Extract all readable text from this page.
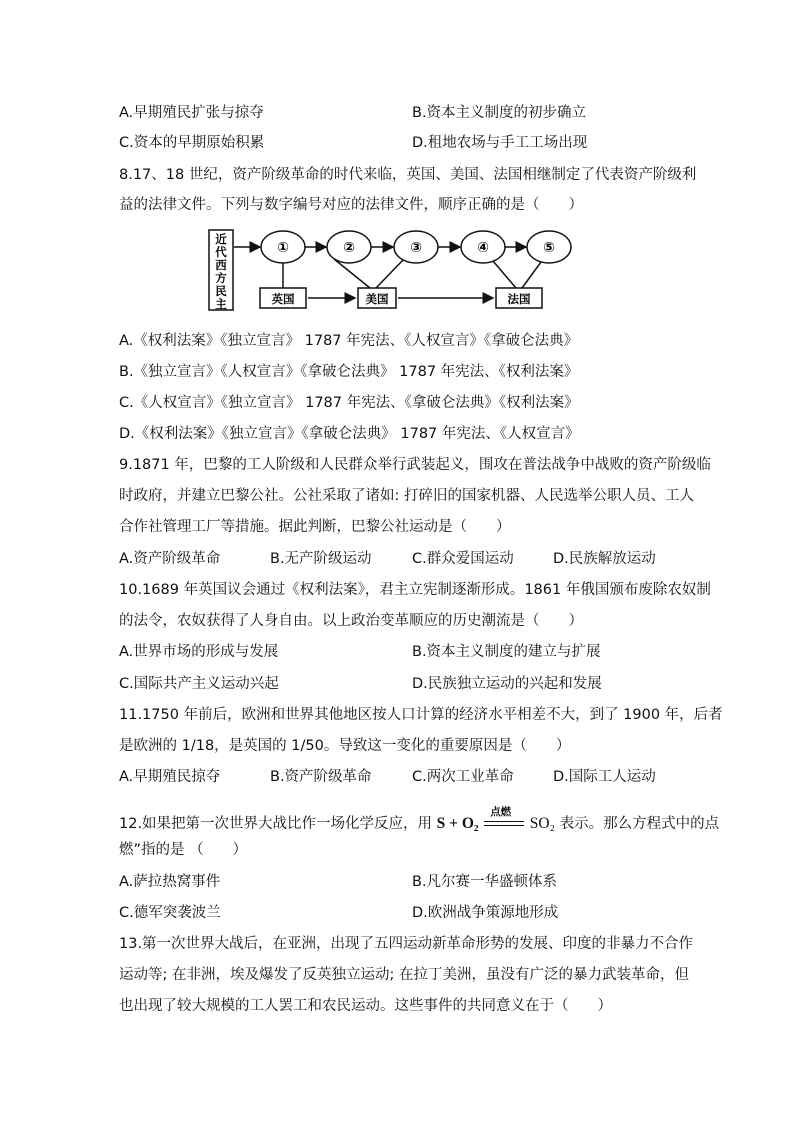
A.早期殖民扩张与掠夺	B.资本主义制度的初步确立
C.资本的早期原始积累	D.租地农场与手工工场出现
8.17、18 世纪，资产阶级革命的时代来临，英国、美国、法国相继制定了代表资产阶级利
益的法律文件。下列与数字编号对应的法律文件，顺序正确的是（　　）
近
代
西
方
民
主
①	②	③	④	⑤
英国	美国	法国
A.《权利法案》《独立宣言》 1787 年宪法、《人权宣言》《拿破仑法典》
B.《独立宣言》《人权宣言》《拿破仑法典》 1787 年宪法、《权利法案》
C.《人权宣言》《独立宣言》 1787 年宪法、《拿破仑法典》《权利法案》
D.《权利法案》《独立宣言》《拿破仑法典》 1787 年宪法、《人权宣言》
9.1871 年，巴黎的工人阶级和人民群众举行武装起义，围攻在普法战争中战败的资产阶级临
时政府，并建立巴黎公社。公社采取了诸如: 打碎旧的国家机器、人民选举公职人员、工人
合作社管理工厂等措施。据此判断，巴黎公社运动是（　　）
A.资产阶级革命	B.无产阶级运动	C.群众爱国运动	D.民族解放运动
10.1689 年英国议会通过《权利法案》，君主立宪制逐渐形成。1861 年俄国颁布废除农奴制
的法令，农奴获得了人身自由。以上政治变革顺应的历史潮流是（　　）
A.世界市场的形成与发展	B.资本主义制度的建立与扩展
C.国际共产主义运动兴起	D.民族独立运动的兴起和发展
11.1750 年前后，欧洲和世界其他地区按人口计算的经济水平相差不大，到了 1900 年，后者
是欧洲的 1/18，是英国的 1/50。导致这一变化的重要原因是（　　）
A.早期殖民掠夺	B.资产阶级革命	C.两次工业革命	D.国际工人运动
12.如果把第一次世界大战比作一场化学反应，用 S + O₂
点燃
SO₂ 表示。那么方程式中的点
燃”指的是 （　　）
A.萨拉热窝事件	B.凡尔赛一华盛顿体系
C.德军突袭波兰	D.欧洲战争策源地形成
13.第一次世界大战后，在亚洲，出现了五四运动新革命形势的发展、印度的非暴力不合作
运动等; 在非洲，埃及爆发了反英独立运动; 在拉丁美洲，虽没有广泛的暴力武装革命，但
也出现了较大规模的工人罢工和农民运动。这些事件的共同意义在于（　　）
